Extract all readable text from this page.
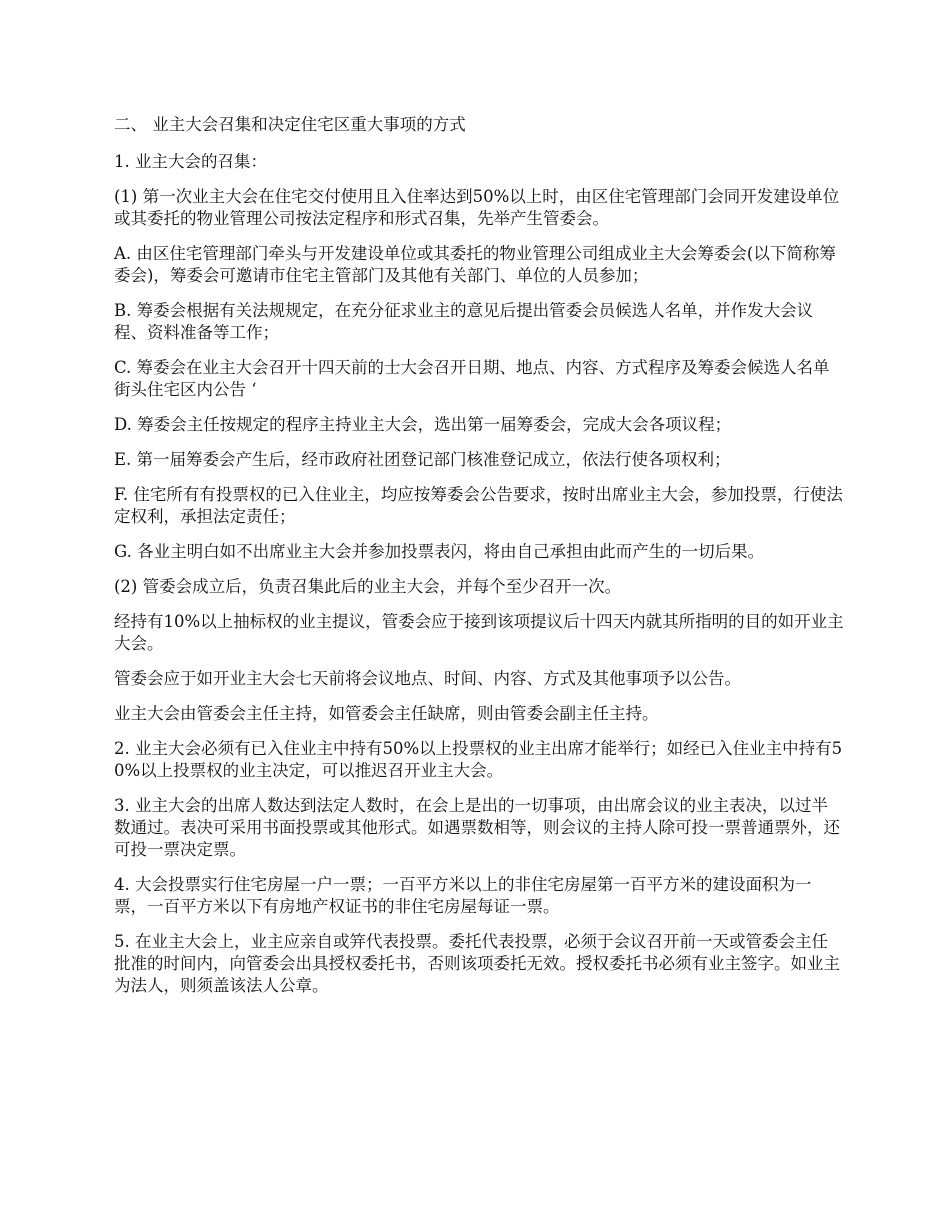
二、 业主大会召集和决定住宅区重大事项的方式

1. 业主大会的召集：

(1) 第一次业主大会在住宅交付使用且入住率达到50%以上时，由区住宅管理部门会同开发建设单位或其委托的物业管理公司按法定程序和形式召集，先举产生管委会。

A. 由区住宅管理部门牵头与开发建设单位或其委托的物业管理公司组成业主大会筹委会(以下简称筹委会)，筹委会可邀请市住宅主管部门及其他有关部门、单位的人员参加；

B. 筹委会根据有关法规规定，在充分征求业主的意见后提出管委会员候选人名单，并作发大会议程、资料准备等工作；

C. 筹委会在业主大会召开十四天前的士大会召开日期、地点、内容、方式程序及筹委会候选人名单街头住宅区内公告 ‘

D. 筹委会主任按规定的程序主持业主大会，选出第一届筹委会，完成大会各项议程；

E. 第一届筹委会产生后，经市政府社团登记部门核准登记成立，依法行使各项权利；

F. 住宅所有有投票权的已入住业主，均应按筹委会公告要求，按时出席业主大会，参加投票，行使法定权利，承担法定责任；

G. 各业主明白如不出席业主大会并参加投票表闪，将由自己承担由此而产生的一切后果。

(2) 管委会成立后，负责召集此后的业主大会，并每个至少召开一次。

经持有10%以上抽标权的业主提议，管委会应于接到该项提议后十四天内就其所指明的目的如开业主大会。

管委会应于如开业主大会七天前将会议地点、时间、内容、方式及其他事项予以公告。

业主大会由管委会主任主持，如管委会主任缺席，则由管委会副主任主持。

2. 业主大会必须有已入住业主中持有50%以上投票权的业主出席才能举行；如经已入住业主中持有50%以上投票权的业主决定，可以推迟召开业主大会。

3. 业主大会的出席人数达到法定人数时，在会上是出的一切事项，由出席会议的业主表决，以过半数通过。表决可采用书面投票或其他形式。如遇票数相等，则会议的主持人除可投一票普通票外，还可投一票决定票。

4. 大会投票实行住宅房屋一户一票；一百平方米以上的非住宅房屋第一百平方米的建设面积为一票，一百平方米以下有房地产权证书的非住宅房屋每证一票。

5. 在业主大会上，业主应亲自或笄代表投票。委托代表投票，必须于会议召开前一天或管委会主任批准的时间内，向管委会出具授权委托书，否则该项委托无效。授权委托书必须有业主签字。如业主为法人，则须盖该法人公章。
